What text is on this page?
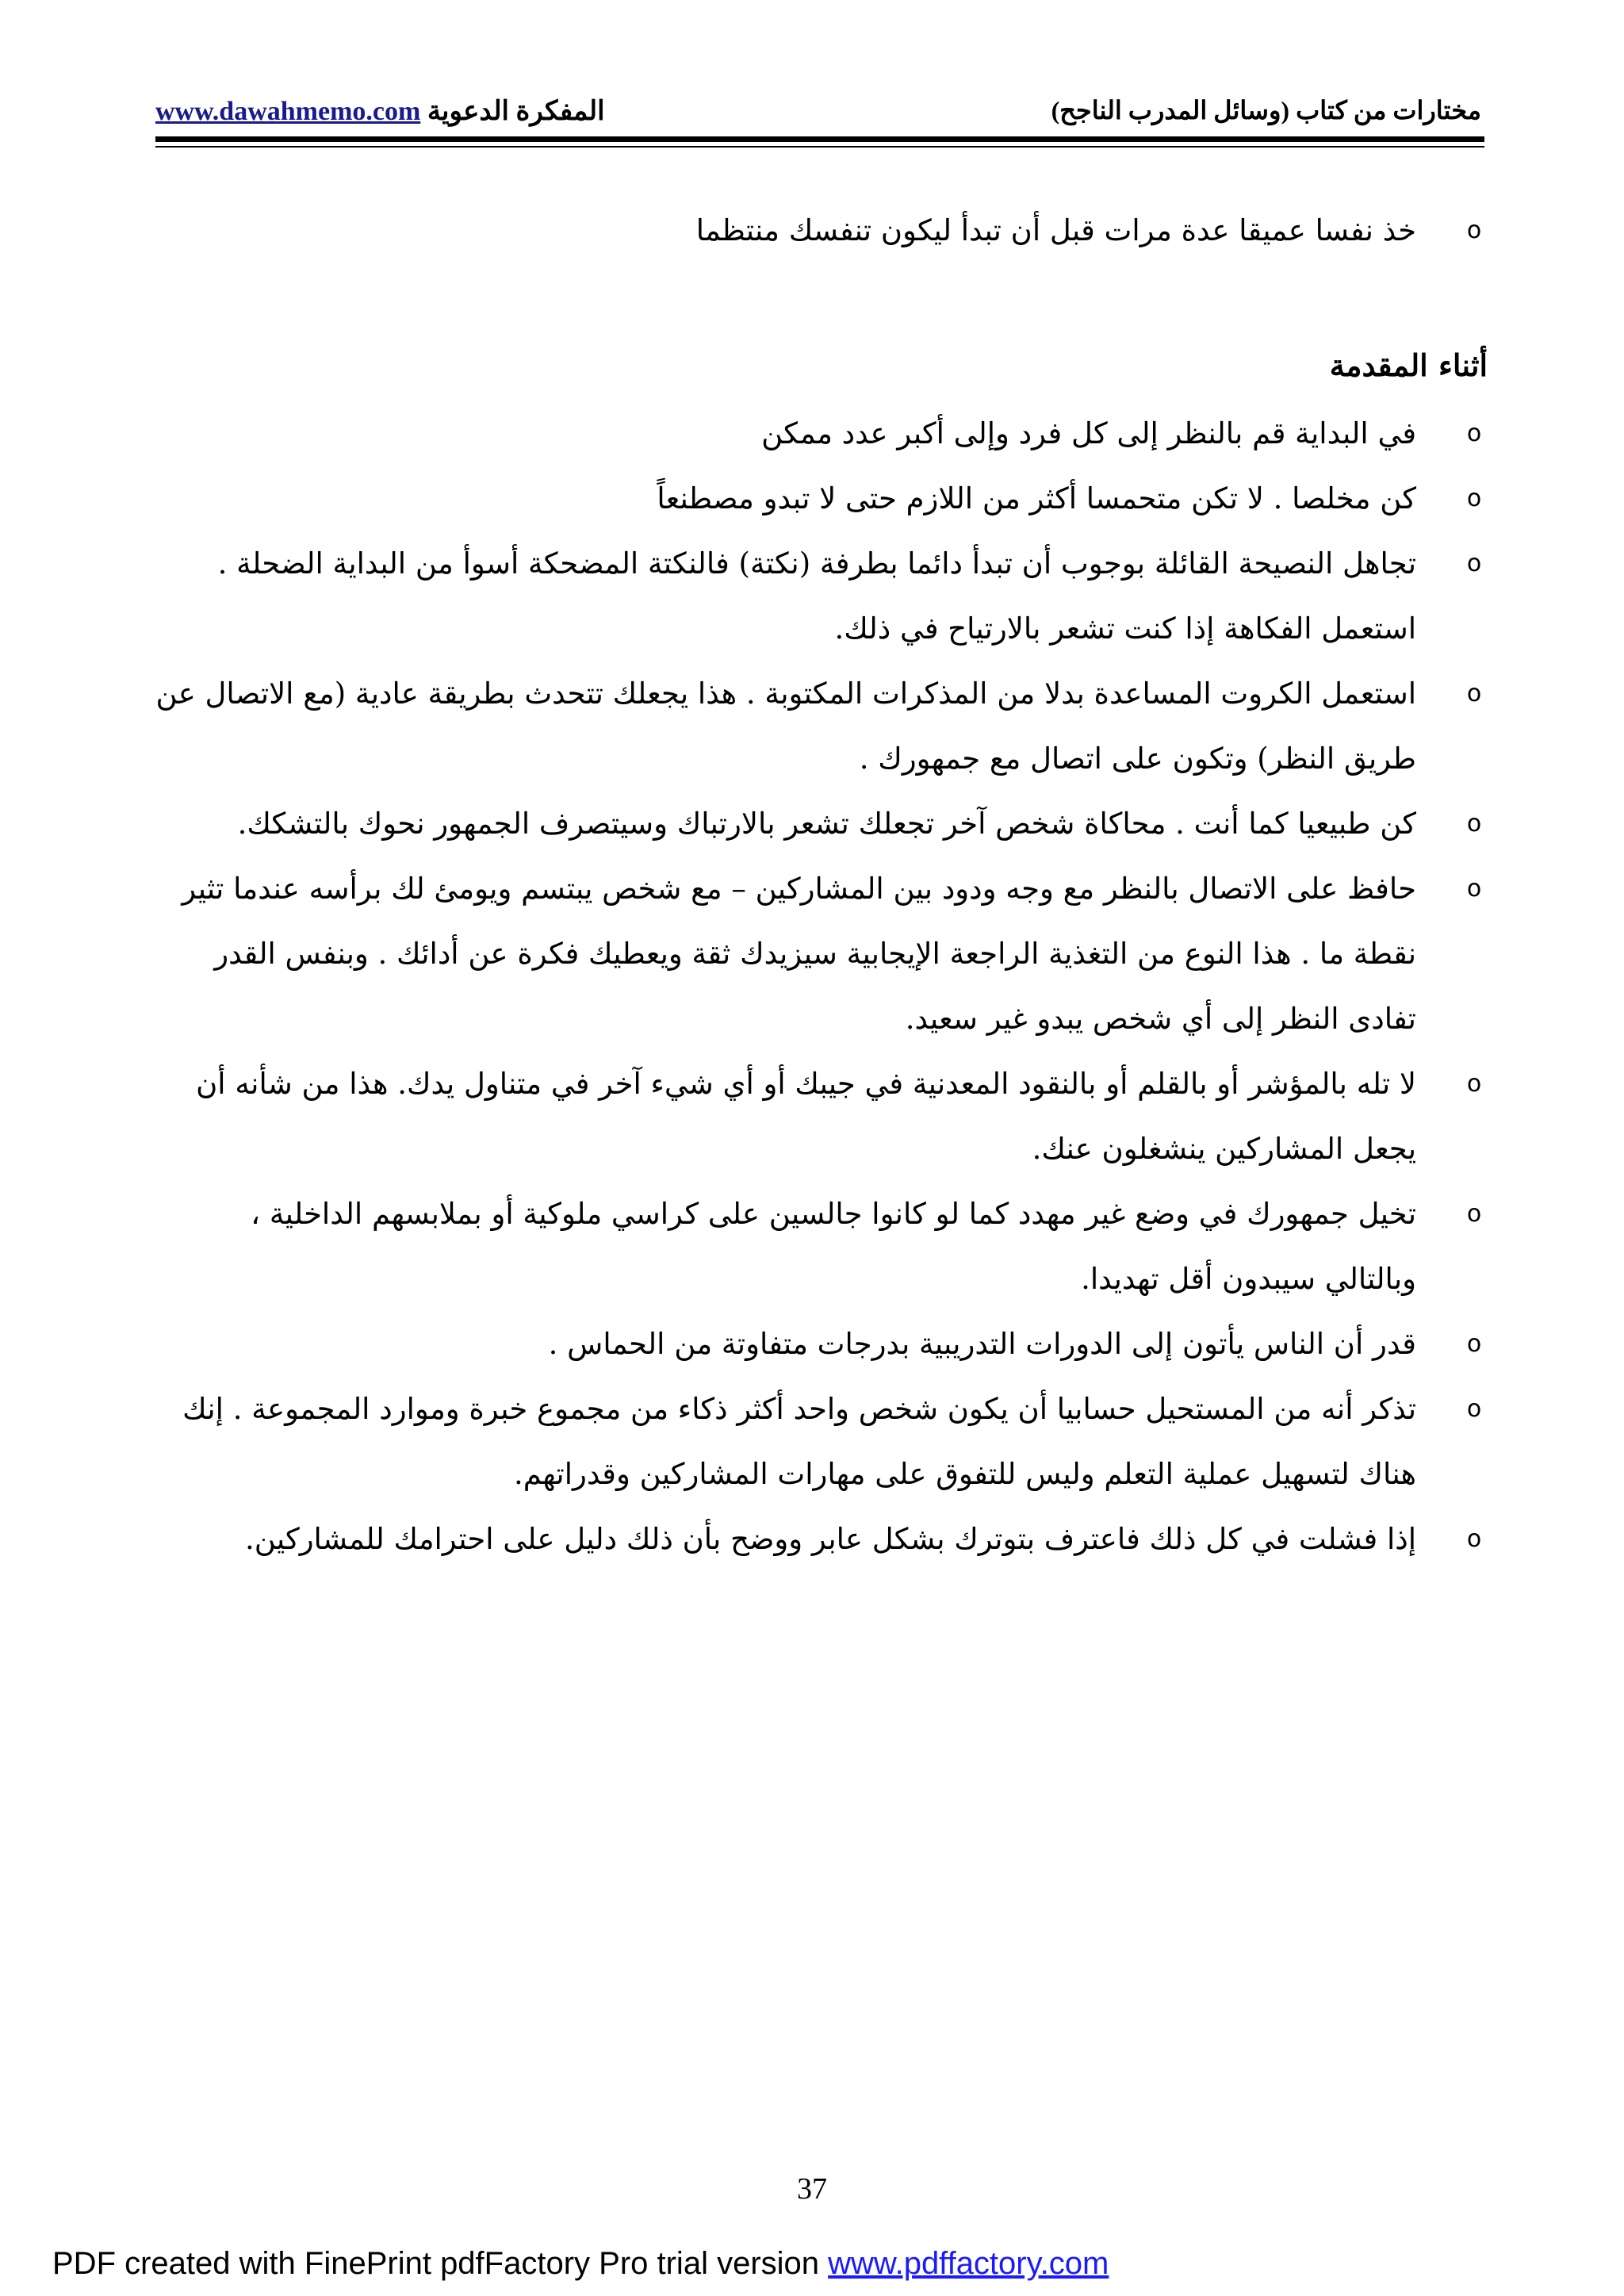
المفكرة الدعوية www.dawahmemo.com	مختارات من كتاب (وسائل المدرب الناجح)
o
خذ نفسا عميقا عدة مرات قبل أن تبدأ ليكون تنفسك منتظما
أثناء المقدمة
o
في البداية قم بالنظر إلى كل فرد وإلى أكبر عدد ممكن
o
كن مخلصا . لا تكن متحمسا أكثر من اللازم حتى لا تبدو مصطنعاً
o
تجاهل النصيحة القائلة بوجوب أن تبدأ دائما بطرفة (نكتة) فالنكتة المضحكة أسوأ من البداية الضحلة . استعمل الفكاهة إذا كنت تشعر بالارتياح في ذلك.
o
استعمل الكروت المساعدة بدلا من المذكرات المكتوبة . هذا يجعلك تتحدث بطريقة عادية (مع الاتصال عن طريق النظر) وتكون على اتصال مع جمهورك .
o
كن طبيعيا كما أنت . محاكاة شخص آخر تجعلك تشعر بالارتباك وسيتصرف الجمهور نحوك بالتشكك.
o
حافظ على الاتصال بالنظر مع وجه ودود بين المشاركين – مع شخص يبتسم ويومئ لك برأسه عندما تثير نقطة ما . هذا النوع من التغذية الراجعة الإيجابية سيزيدك ثقة ويعطيك فكرة عن أدائك . وبنفس القدر تفادى النظر إلى أي شخص يبدو غير سعيد.
o
لا تله بالمؤشر أو بالقلم أو بالنقود المعدنية في جيبك أو أي شيء آخر في متناول يدك. هذا من شأنه أن يجعل المشاركين ينشغلون عنك.
o
تخيل جمهورك في وضع غير مهدد كما لو كانوا جالسين على كراسي ملوكية أو بملابسهم الداخلية ، وبالتالي سيبدون أقل تهديدا.
o
قدر أن الناس يأتون إلى الدورات التدريبية بدرجات متفاوتة من الحماس .
o
تذكر أنه من المستحيل حسابيا أن يكون شخص واحد أكثر ذكاء من مجموع خبرة وموارد المجموعة . إنك هناك لتسهيل عملية التعلم وليس للتفوق على مهارات المشاركين وقدراتهم.
o
إذا فشلت في كل ذلك فاعترف بتوترك بشكل عابر ووضح بأن ذلك دليل على احترامك للمشاركين.
37
PDF created with FinePrint pdfFactory Pro trial version www.pdffactory.com
